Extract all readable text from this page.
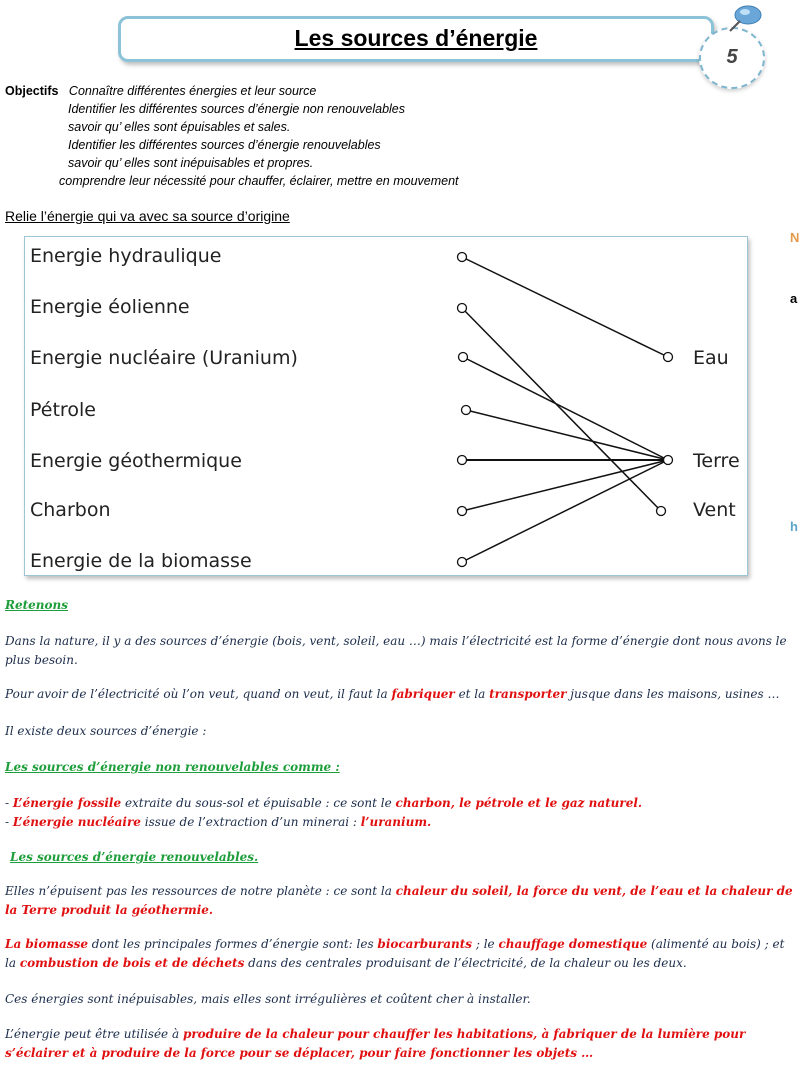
Les sources d’énergie
5
Objectifs Connaître différentes énergies et leur source
Identifier les différentes sources d’énergie non renouvelables
savoir qu’ elles sont épuisables et sales.
Identifier les différentes sources d’énergie renouvelables
savoir qu’ elles sont inépuisables et propres.
comprendre leur nécessité pour chauffer, éclairer, mettre en mouvement
Relie l’énergie qui va avec sa source d’origine
Energie hydraulique
Energie éolienne
Energie nucléaire (Uranium)
Pétrole
Energie géothermique
Charbon
Energie de la biomasse
Eau
Terre
Vent
N
a
h
Retenons
Dans la nature, il y a des sources d’énergie (bois, vent, soleil, eau …) mais l’électricité est la forme d’énergie dont nous avons le plus besoin.
Pour avoir de l’électricité où l’on veut, quand on veut, il faut la fabriquer et la transporter jusque dans les maisons, usines …
Il existe deux sources d’énergie :
Les sources d’énergie non renouvelables comme :
- L’énergie fossile extraite du sous-sol et épuisable : ce sont le charbon, le pétrole et le gaz naturel.
- L’énergie nucléaire issue de l’extraction d’un minerai : l’uranium.
Les sources d’énergie renouvelables.
Elles n’épuisent pas les ressources de notre planète : ce sont la chaleur du soleil, la force du vent, de l’eau et la chaleur de la Terre produit la géothermie.
La biomasse dont les principales formes d’énergie sont: les biocarburants ; le chauffage domestique (alimenté au bois) ; et la combustion de bois et de déchets dans des centrales produisant de l’électricité, de la chaleur ou les deux.
Ces énergies sont inépuisables, mais elles sont irrégulières et coûtent cher à installer.
L’énergie peut être utilisée à produire de la chaleur pour chauffer les habitations, à fabriquer de la lumière pour s’éclairer et à produire de la force pour se déplacer, pour faire fonctionner les objets …
